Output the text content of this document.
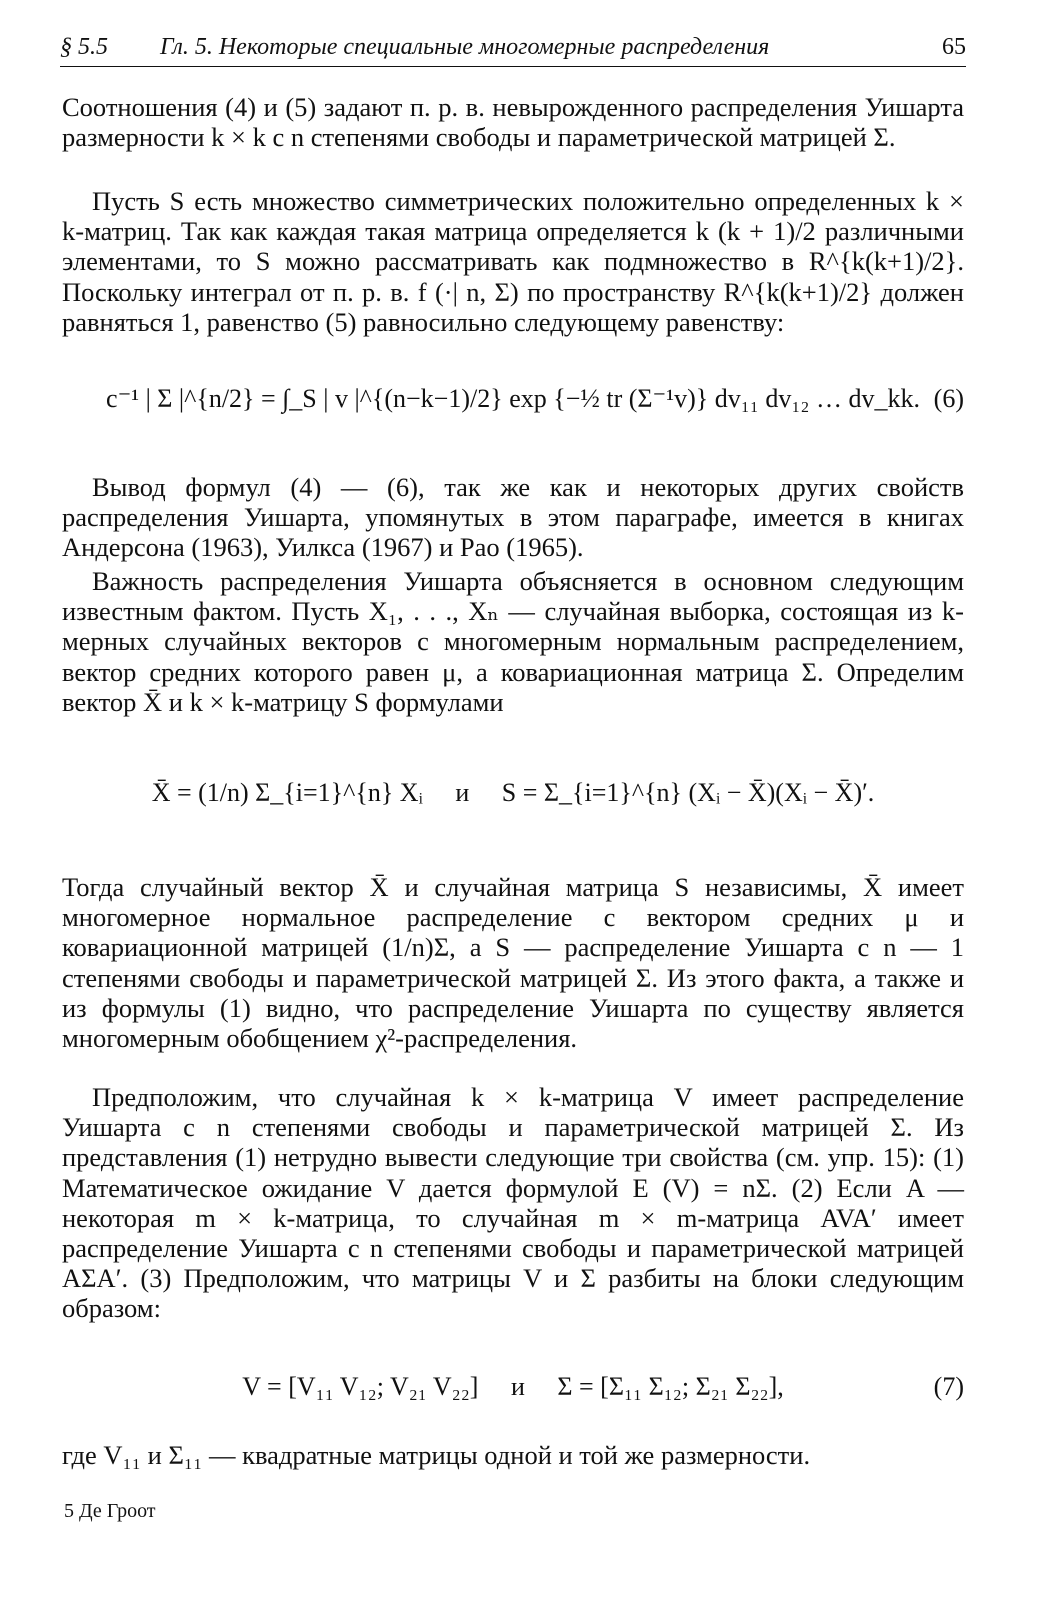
§ 5.5 Гл. 5. Некоторые специальные многомерные распределения	65

Соотношения (4) и (5) задают п. р. в. невырожденного распределения Уишарта размерности k × k с n степенями свободы и параметрической матрицей Σ.

Пусть S есть множество симметрических положительно определенных k × k-матриц. Так как каждая такая матрица определяется k (k + 1)/2 различными элементами, то S можно рассматривать как подмножество в R^{k(k+1)/2}. Поскольку интеграл от п. р. в. f (·| n, Σ) по пространству R^{k(k+1)/2} должен равняться 1, равенство (5) равносильно следующему равенству:

c⁻¹ | Σ |^{n/2} = ∫_S | v |^{(n−k−1)/2} exp {−½ tr (Σ⁻¹v)} dv₁₁ dv₁₂ … dv_kk. (6)

Вывод формул (4) — (6), так же как и некоторых других свойств распределения Уишарта, упомянутых в этом параграфе, имеется в книгах Андерсона (1963), Уилкса (1967) и Рао (1965).

Важность распределения Уишарта объясняется в основном следующим известным фактом. Пусть X₁, . . ., Xₙ — случайная выборка, состоящая из k-мерных случайных векторов с многомерным нормальным распределением, вектор средних которого равен μ, а ковариационная матрица Σ. Определим вектор X̄ и k × k-матрицу S формулами

X̄ = (1/n) Σ_{i=1}^{n} Xᵢ и S = Σ_{i=1}^{n} (Xᵢ − X̄)(Xᵢ − X̄)′.

Тогда случайный вектор X̄ и случайная матрица S независимы, X̄ имеет многомерное нормальное распределение с вектором средних μ и ковариационной матрицей (1/n)Σ, а S — распределение Уишарта с n — 1 степенями свободы и параметрической матрицей Σ. Из этого факта, а также и из формулы (1) видно, что распределение Уишарта по существу является многомерным обобщением χ²-распределения.

Предположим, что случайная k × k-матрица V имеет распределение Уишарта с n степенями свободы и параметрической матрицей Σ. Из представления (1) нетрудно вывести следующие три свойства (см. упр. 15): (1) Математическое ожидание V дается формулой E (V) = nΣ. (2) Если A — некоторая m × k-матрица, то случайная m × m-матрица AVA′ имеет распределение Уишарта с n степенями свободы и параметрической матрицей AΣA′. (3) Предположим, что матрицы V и Σ разбиты на блоки следующим образом:

V = [V₁₁ V₁₂; V₂₁ V₂₂] и Σ = [Σ₁₁ Σ₁₂; Σ₂₁ Σ₂₂],	(7)

где V₁₁ и Σ₁₁ — квадратные матрицы одной и той же размерности.

5 Де Гроот
